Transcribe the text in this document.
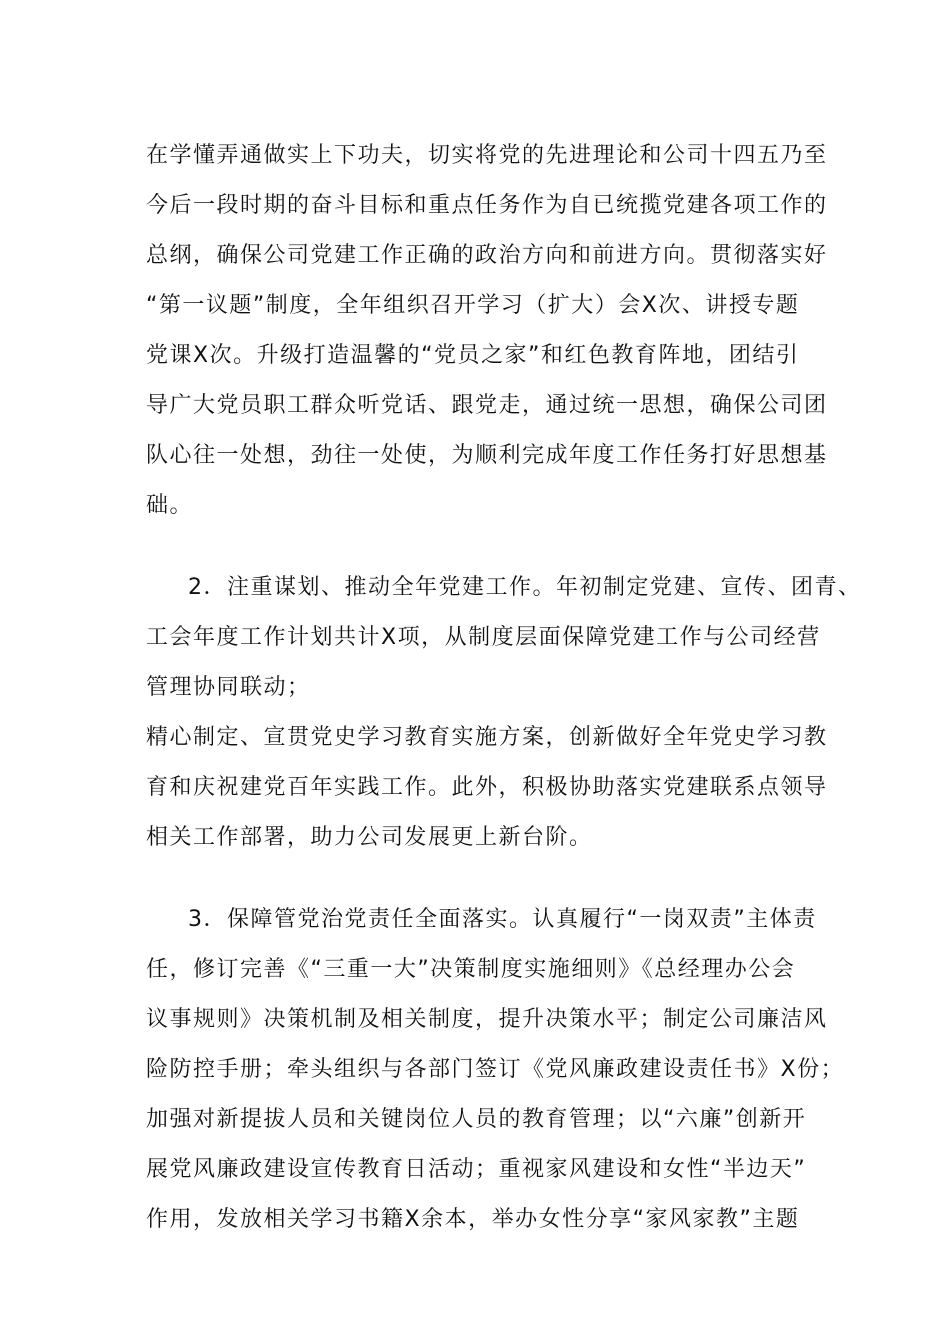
在学懂弄通做实上下功夫，切实将党的先进理论和公司十四五乃至
今后一段时期的奋斗目标和重点任务作为自已统揽党建各项工作的
总纲，确保公司党建工作正确的政治方向和前进方向。贯彻落实好
“第一议题”制度，全年组织召开学习（扩大）会X次、讲授专题
党课X次。升级打造温馨的“党员之家”和红色教育阵地，团结引
导广大党员职工群众听党话、跟党走，通过统一思想，确保公司团
队心往一处想，劲往一处使，为顺利完成年度工作任务打好思想基
础。
2．注重谋划、推动全年党建工作。年初制定党建、宣传、团青、
工会年度工作计划共计X项，从制度层面保障党建工作与公司经营
管理协同联动；
精心制定、宣贯党史学习教育实施方案，创新做好全年党史学习教
育和庆祝建党百年实践工作。此外，积极协助落实党建联系点领导
相关工作部署，助力公司发展更上新台阶。
3．保障管党治党责任全面落实。认真履行“一岗双责”主体责
任，修订完善《“三重一大”决策制度实施细则》《总经理办公会
议事规则》决策机制及相关制度，提升决策水平；制定公司廉洁风
险防控手册；牵头组织与各部门签订《党风廉政建设责任书》X份；
加强对新提拔人员和关键岗位人员的教育管理；以“六廉”创新开
展党风廉政建设宣传教育日活动；重视家风建设和女性“半边天”
作用，发放相关学习书籍X余本，举办女性分享“家风家教”主题
